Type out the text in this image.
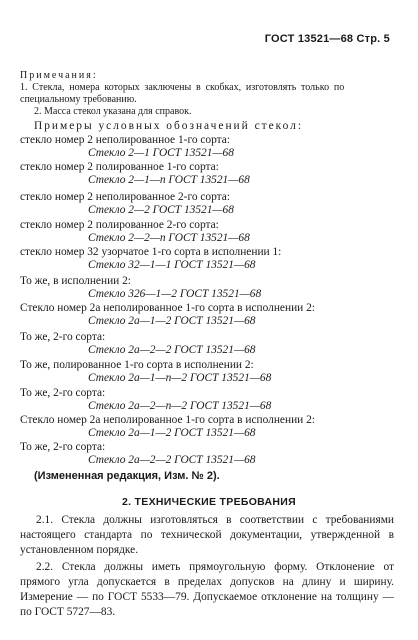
ГОСТ 13521—68 Стр. 5
Примечания:
1. Стекла, номера которых заключены в скобках, изготовлять только по
специальному требованию.
2. Масса стекол указана для справок.
Примеры условных обозначений стекол:
стекло номер 2 неполированное 1-го сорта:
Стекло 2—1 ГОСТ 13521—68
стекло номер 2 полированное 1-го сорта:
Стекло 2—1—п ГОСТ 13521—68
стекло номер 2 неполированное 2-го сорта:
Стекло 2—2 ГОСТ 13521—68
стекло номер 2 полированное 2-го сорта:
Стекло 2—2—п ГОСТ 13521—68
стекло номер 32 узорчатое 1-го сорта в исполнении 1:
Стекло 32—1—1 ГОСТ 13521—68
То же, в исполнении 2:
Стекло 326—1—2 ГОСТ 13521—68
Стекло номер 2а неполированное 1-го сорта в исполнении 2:
Стекло 2а—1—2 ГОСТ 13521—68
То же, 2-го сорта:
Стекло 2а—2—2 ГОСТ 13521—68
То же, полированное 1-го сорта в исполнении 2:
Стекло 2а—1—п—2 ГОСТ 13521—68
То же, 2-го сорта:
Стекло 2а—2—п—2 ГОСТ 13521—68
Стекло номер 2а неполированное 1-го сорта в исполнении 2:
Стекло 2а—1—2 ГОСТ 13521—68
То же, 2-го сорта:
Стекло 2а—2—2 ГОСТ 13521—68
(Измененная редакция, Изм. № 2).
2. ТЕХНИЧЕСКИЕ ТРЕБОВАНИЯ
2.1. Стекла должны изготовляться в соответствии с требованиями настоящего стандарта по технической документации, утвержденной в установленном порядке.
2.2. Стекла должны иметь прямоугольную форму. Отклонение от прямого угла допускается в пределах допусков на длину и ширину. Измерение — по ГОСТ 5533—79. Допускаемое отклонение на толщину — по ГОСТ 5727—83.
